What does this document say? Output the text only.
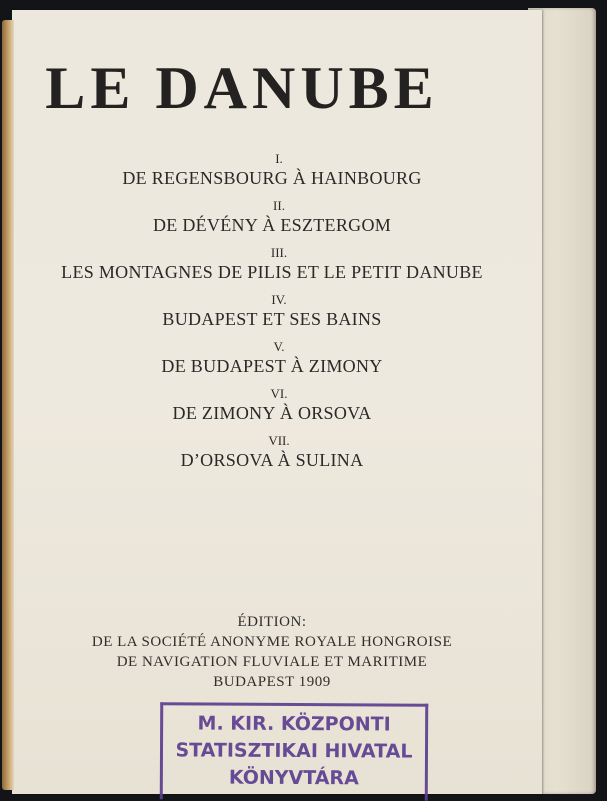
LE DANUBE
I.
DE REGENSBOURG À HAINBOURG
II.
DE DÉVÉNY À ESZTERGOM
III.
LES MONTAGNES DE PILIS ET LE PETIT DANUBE
IV.
BUDAPEST ET SES BAINS
V.
DE BUDAPEST À ZIMONY
VI.
DE ZIMONY À ORSOVA
VII.
D’ORSOVA À SULINA
ÉDITION:
DE LA SOCIÉTÉ ANONYME ROYALE HONGROISE
DE NAVIGATION FLUVIALE ET MARITIME
BUDAPEST 1909
M. KIR. KÖZPONTI
STATISZTIKAI HIVATAL
KÖNYVTÁRA
